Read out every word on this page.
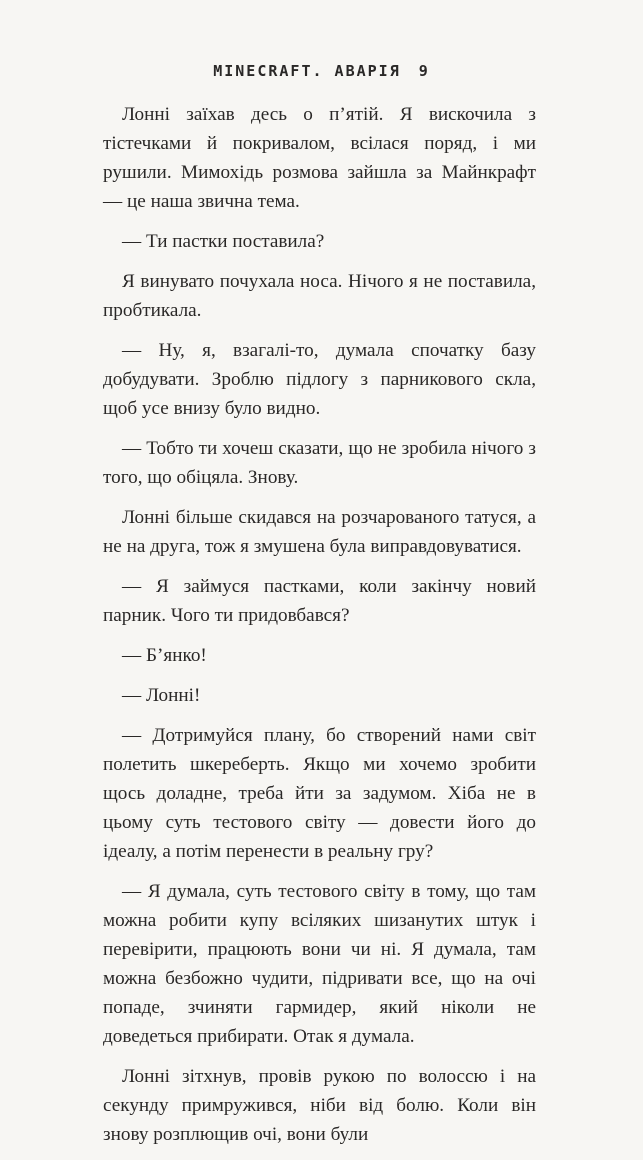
MINECRAFT. АВАРІЯ 9

Лонні заїхав десь о п’ятій. Я вискочила з тістечками й покривалом, всілася поряд, і ми рушили. Мимохідь розмова зайшла за Майнкрафт — це наша звична тема.

— Ти пастки поставила?

Я винувато почухала носа. Нічого я не поставила, пробтикала.

— Ну, я, взагалі-то, думала спочатку базу добудувати. Зроблю підлогу з парникового скла, щоб усе внизу було видно.

— Тобто ти хочеш сказати, що не зробила нічого з того, що обіцяла. Знову.

Лонні більше скидався на розчарованого татуся, а не на друга, тож я змушена була виправдовуватися.

— Я займуся пастками, коли закінчу новий парник. Чого ти придовбався?

— Б’янко!

— Лонні!

— Дотримуйся плану, бо створений нами світ полетить шкереберть. Якщо ми хочемо зробити щось доладне, треба йти за задумом. Хіба не в цьому суть тестового світу — довести його до ідеалу, а потім перенести в реальну гру?

— Я думала, суть тестового світу в тому, що там можна робити купу всіляких шизанутих штук і перевірити, працюють вони чи ні. Я думала, там можна безбожно чудити, підривати все, що на очі попаде, зчиняти гармидер, який ніколи не доведеться прибирати. Отак я думала.

Лонні зітхнув, провів рукою по волоссю і на секунду примружився, ніби від болю. Коли він знову розплющив очі, вони були
